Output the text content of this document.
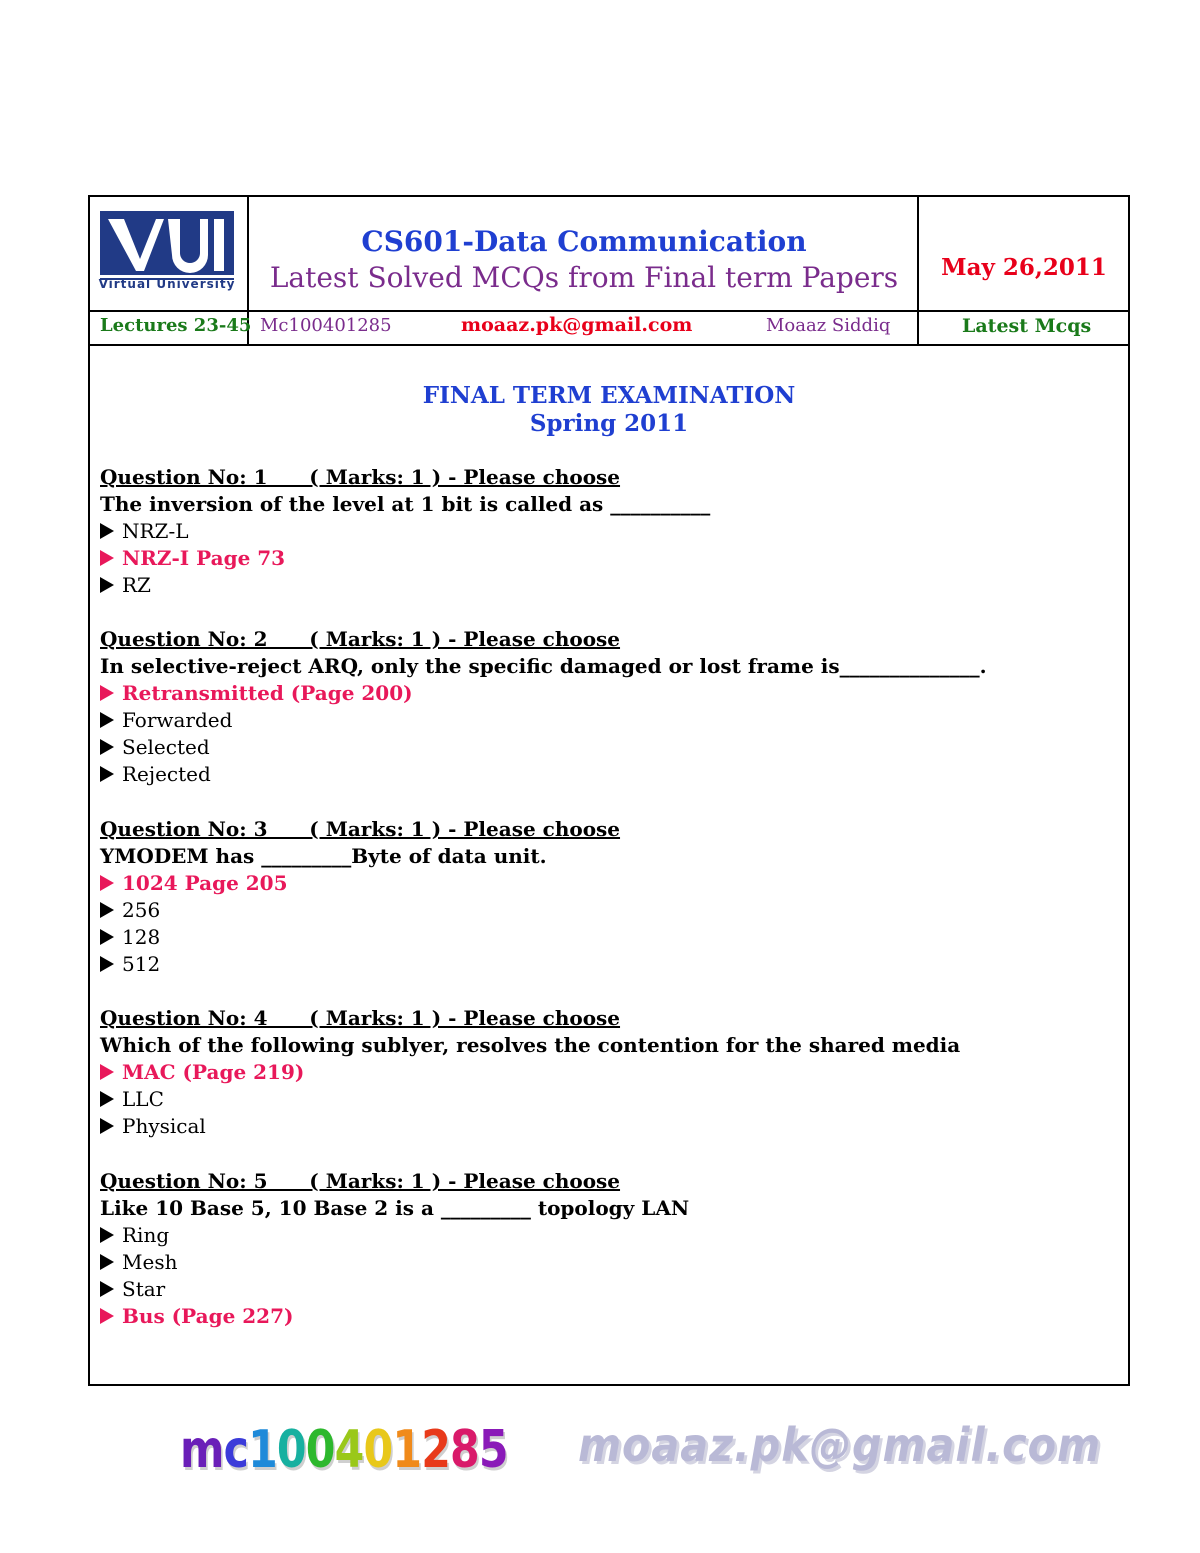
Virtual University
CS601-Data Communication
Latest Solved MCQs from Final term Papers	May 26,2011
Lectures 23-45 Mc100401285	moaaz.pk@gmail.com	Moaaz Siddiq	Latest Mcqs
FINAL TERM EXAMINATION
Spring 2011
Question No: 1      ( Marks: 1 ) - Please choose
The inversion of the level at 1 bit is called as __________
NRZ-L
NRZ-I Page 73
RZ
Question No: 2      ( Marks: 1 ) - Please choose
In selective-reject ARQ, only the specific damaged or lost frame is______________.
Retransmitted (Page 200)
Forwarded
Selected
Rejected
Question No: 3      ( Marks: 1 ) - Please choose
YMODEM has _________Byte of data unit.
1024 Page 205
256
128
512
Question No: 4      ( Marks: 1 ) - Please choose
Which of the following sublyer, resolves the contention for the shared media
MAC (Page 219)
LLC
Physical
Question No: 5      ( Marks: 1 ) - Please choose
Like 10 Base 5, 10 Base 2 is a _________ topology LAN
Ring
Mesh
Star
Bus (Page 227)
mc100401285 moaaz.pk@gmail.com
